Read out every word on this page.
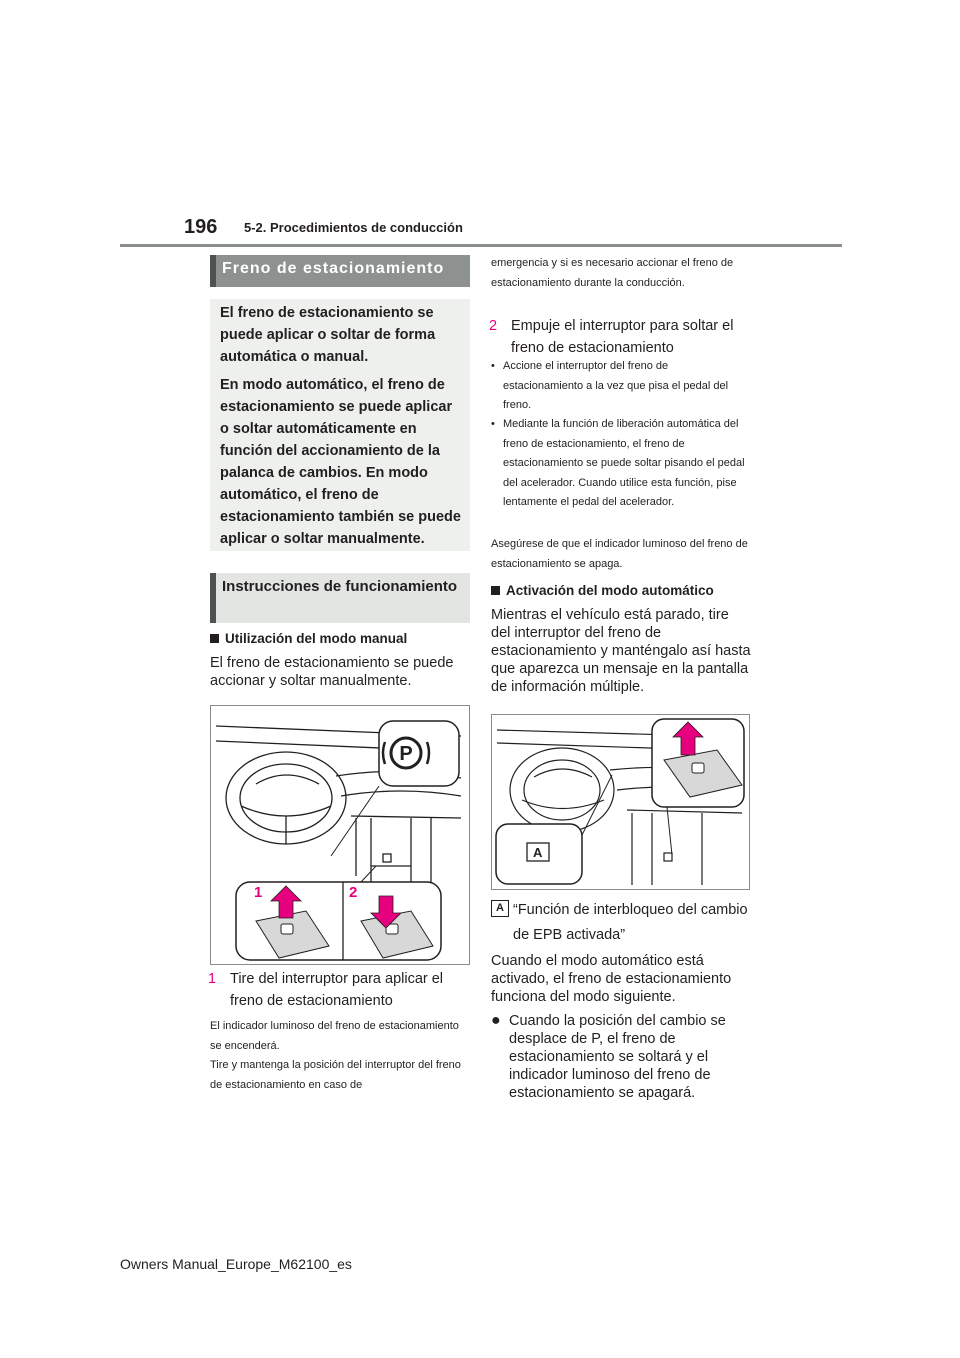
196 5-2. Procedimientos de conducción
Freno de estacionamiento

El freno de estacionamiento se puede aplicar o soltar de forma automática o manual.

En modo automático, el freno de estacionamiento se puede aplicar o soltar automáticamente en función del accionamiento de la palanca de cambios. En modo automático, el freno de estacionamiento también se puede aplicar o soltar manualmente.

Instrucciones de funcionamiento
Utilización del modo manual
El freno de estacionamiento se puede accionar y soltar manualmente.
P
1	2
1 Tire del interruptor para aplicar el freno de estacionamiento
El indicador luminoso del freno de estacionamiento se encenderá.
Tire y mantenga la posición del interruptor del freno de estacionamiento en caso de
emergencia y si es necesario accionar el freno de estacionamiento durante la conducción.
2 Empuje el interruptor para soltar el freno de estacionamiento
• Accione el interruptor del freno de estacionamiento a la vez que pisa el pedal del freno.
• Mediante la función de liberación automática del freno de estacionamiento, el freno de estacionamiento se puede soltar pisando el pedal del acelerador. Cuando utilice esta función, pise lentamente el pedal del acelerador.
Asegúrese de que el indicador luminoso del freno de estacionamiento se apaga.
Activación del modo automático
Mientras el vehículo está parado, tire del interruptor del freno de estacionamiento y manténgalo así hasta que aparezca un mensaje en la pantalla de información múltiple.
A
A “Función de interbloqueo del cambio de EPB activada”
Cuando el modo automático está activado, el freno de estacionamiento funciona del modo siguiente.
● Cuando la posición del cambio se desplace de P, el freno de estacionamiento se soltará y el indicador luminoso del freno de estacionamiento se apagará.
Owners Manual_Europe_M62100_es
